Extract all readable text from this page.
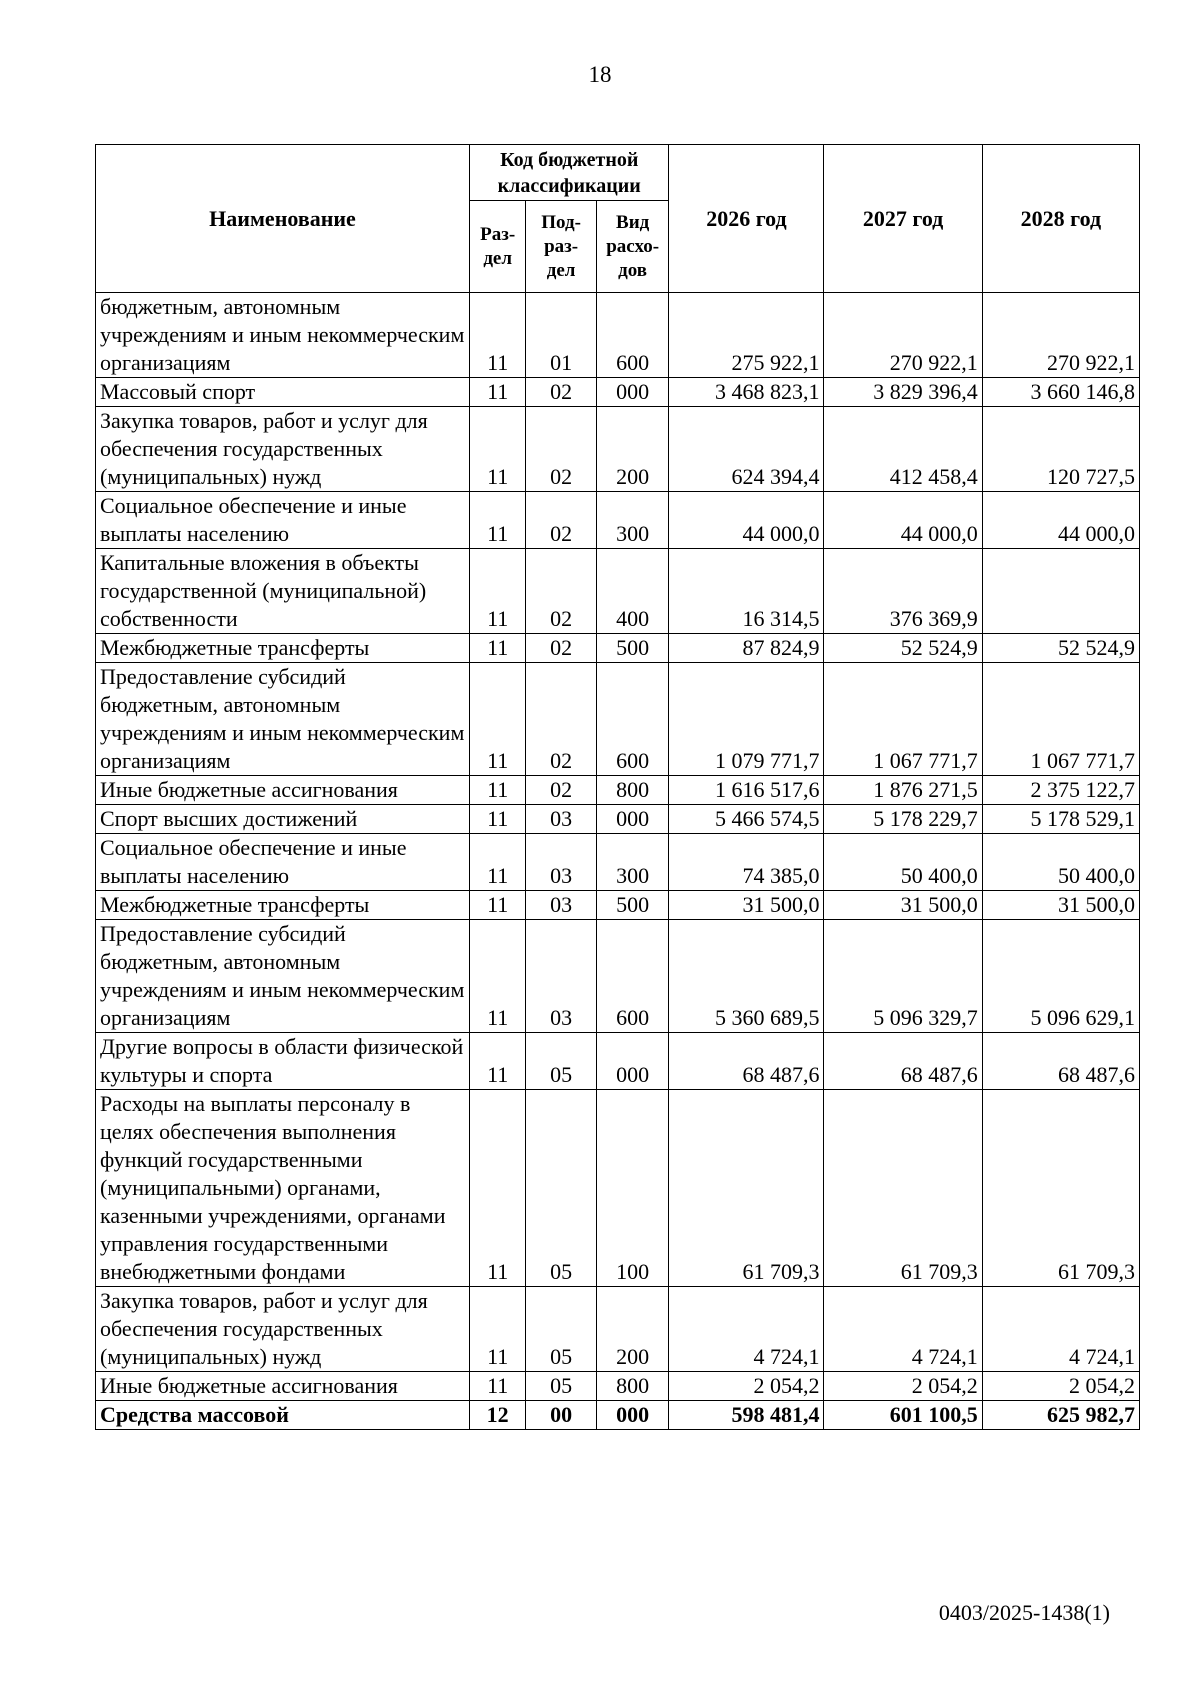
18
Наименование	Код бюджетной классификации			2026 год	2027 год	2028 год
	Раз-дел	Под-раз-дел	Вид расхо-дов			
бюджетным, автономным учреждениям и иным некоммерческим организациям	11	01	600	275 922,1	270 922,1	270 922,1
Массовый спорт	11	02	000	3 468 823,1	3 829 396,4	3 660 146,8
Закупка товаров, работ и услуг для обеспечения государственных (муниципальных) нужд	11	02	200	624 394,4	412 458,4	120 727,5
Социальное обеспечение и иные выплаты населению	11	02	300	44 000,0	44 000,0	44 000,0
Капитальные вложения в объекты государственной (муниципальной) собственности	11	02	400	16 314,5	376 369,9	
Межбюджетные трансферты	11	02	500	87 824,9	52 524,9	52 524,9
Предоставление субсидий бюджетным, автономным учреждениям и иным некоммерческим организациям	11	02	600	1 079 771,7	1 067 771,7	1 067 771,7
Иные бюджетные ассигнования	11	02	800	1 616 517,6	1 876 271,5	2 375 122,7
Спорт высших достижений	11	03	000	5 466 574,5	5 178 229,7	5 178 529,1
Социальное обеспечение и иные выплаты населению	11	03	300	74 385,0	50 400,0	50 400,0
Межбюджетные трансферты	11	03	500	31 500,0	31 500,0	31 500,0
Предоставление субсидий бюджетным, автономным учреждениям и иным некоммерческим организациям	11	03	600	5 360 689,5	5 096 329,7	5 096 629,1
Другие вопросы в области физической культуры и спорта	11	05	000	68 487,6	68 487,6	68 487,6
Расходы на выплаты персоналу в целях обеспечения выполнения функций государственными (муниципальными) органами, казенными учреждениями, органами управления государственными внебюджетными фондами	11	05	100	61 709,3	61 709,3	61 709,3
Закупка товаров, работ и услуг для обеспечения государственных (муниципальных) нужд	11	05	200	4 724,1	4 724,1	4 724,1
Иные бюджетные ассигнования	11	05	800	2 054,2	2 054,2	2 054,2
Средства массовой	12	00	000	598 481,4	601 100,5	625 982,7
0403/2025-1438(1)
